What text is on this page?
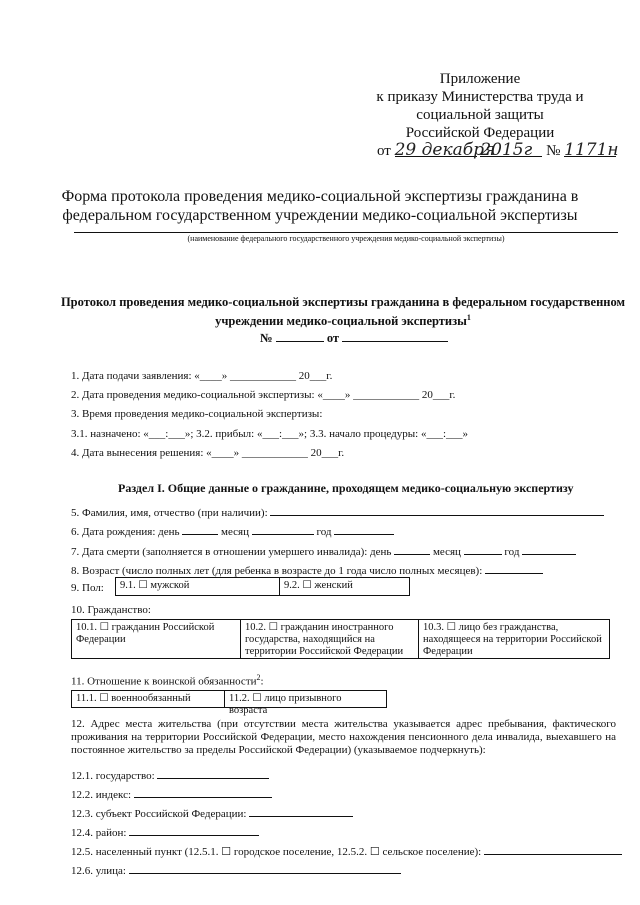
Приложение
к приказу Министерства труда и
социальной защиты
Российской Федерации
от 29 декабря 2015г № 1171н
Форма протокола проведения медико-социальной экспертизы гражданина в
федеральном государственном учреждении медико-социальной экспертизы
(наименование федерального государственного учреждения медико-социальной экспертизы)
Протокол проведения медико-социальной экспертизы гражданина в федеральном государственном
учреждении медико-социальной экспертизы$^1$
№	от
1. Дата подачи заявления: «____» ____________ 20___г.
2. Дата проведения медико-социальной экспертизы: «____» ____________ 20___г.
3. Время проведения медико-социальной экспертизы:
3.1. назначено: «___:___»; 3.2. прибыл: «___:___»; 3.3. начало процедуры: «___:___»
4. Дата вынесения решения: «____» ____________ 20___г.
Раздел I. Общие данные о гражданине, проходящем медико-социальную экспертизу
5. Фамилия, имя, отчество (при наличии):
6. Дата рождения: день	месяц	год
7. Дата смерти (заполняется в отношении умершего инвалида): день	месяц	год
8. Возраст (число полных лет (для ребенка в возрасте до 1 года число полных месяцев):
9. Пол:	9.1. ☐ мужской	9.2. ☐ женский
10. Гражданство:
10.1. ☐ гражданин Российской Федерации
10.2. ☐ гражданин иностранного государства, находящийся на территории Российской Федерации
10.3. ☐ лицо без гражданства, находящееся на территории Российской Федерации
11. Отношение к воинской обязанности$^2$:
11.1. ☐ военнообязанный	11.2. ☐ лицо призывного возраста
12. Адрес места жительства (при отсутствии места жительства указывается адрес пребывания, фактического проживания на территории Российской Федерации, место нахождения пенсионного дела инвалида, выехавшего на постоянное жительство за пределы Российской Федерации) (указываемое подчеркнуть):
12.1. государство:
12.2. индекс:
12.3. субъект Российской Федерации:
12.4. район:
12.5. населенный пункт (12.5.1. ☐ городское поселение, 12.5.2. ☐ сельское поселение):
12.6. улица:
